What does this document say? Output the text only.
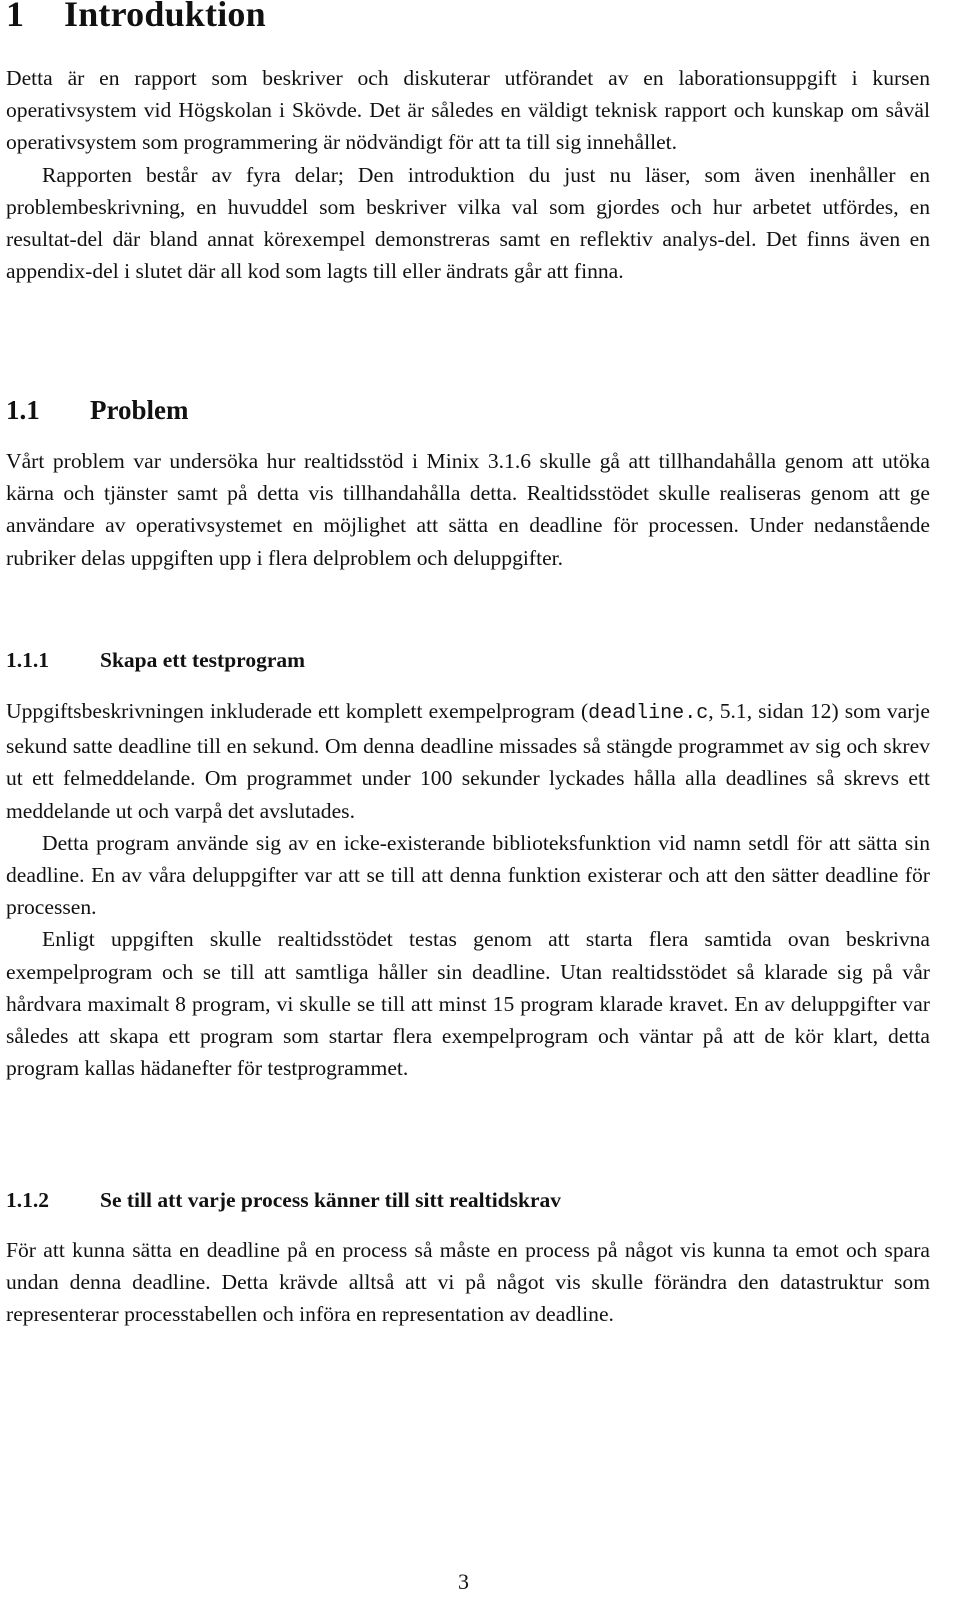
1 Introduktion

Detta är en rapport som beskriver och diskuterar utförandet av en laborationsuppgift i kursen operativsystem vid Högskolan i Skövde. Det är således en väldigt teknisk rapport och kunskap om såväl operativsystem som programmering är nödvändigt för att ta till sig innehållet.

Rapporten består av fyra delar; Den introduktion du just nu läser, som även inenhåller en problembeskrivning, en huvuddel som beskriver vilka val som gjordes och hur arbetet utfördes, en resultat-del där bland annat körexempel demonstreras samt en reflektiv analys-del. Det finns även en appendix-del i slutet där all kod som lagts till eller ändrats går att finna.

1.1 Problem

Vårt problem var undersöka hur realtidsstöd i Minix 3.1.6 skulle gå att tillhandahålla genom att utöka kärna och tjänster samt på detta vis tillhandahålla detta. Realtidsstödet skulle realiseras genom att ge användare av operativsystemet en möjlighet att sätta en deadline för processen. Under nedanstående rubriker delas uppgiften upp i flera delproblem och deluppgifter.

1.1.1 Skapa ett testprogram

Uppgiftsbeskrivningen inkluderade ett komplett exempelprogram (deadline.c, 5.1, sidan 12) som varje sekund satte deadline till en sekund. Om denna deadline missades så stängde programmet av sig och skrev ut ett felmeddelande. Om programmet under 100 sekunder lyckades hålla alla deadlines så skrevs ett meddelande ut och varpå det avslutades.

Detta program använde sig av en icke-existerande biblioteksfunktion vid namn setdl för att sätta sin deadline. En av våra deluppgifter var att se till att denna funktion existerar och att den sätter deadline för processen.

Enligt uppgiften skulle realtidsstödet testas genom att starta flera samtida ovan beskrivna exempelprogram och se till att samtliga håller sin deadline. Utan realtidsstödet så klarade sig på vår hårdvara maximalt 8 program, vi skulle se till att minst 15 program klarade kravet. En av deluppgifter var således att skapa ett program som startar flera exempelprogram och väntar på att de kör klart, detta program kallas hädanefter för testprogrammet.

1.1.2 Se till att varje process känner till sitt realtidskrav

För att kunna sätta en deadline på en process så måste en process på något vis kunna ta emot och spara undan denna deadline. Detta krävde alltså att vi på något vis skulle förändra den datastruktur som representerar processtabellen och införa en representation av deadline.

3
